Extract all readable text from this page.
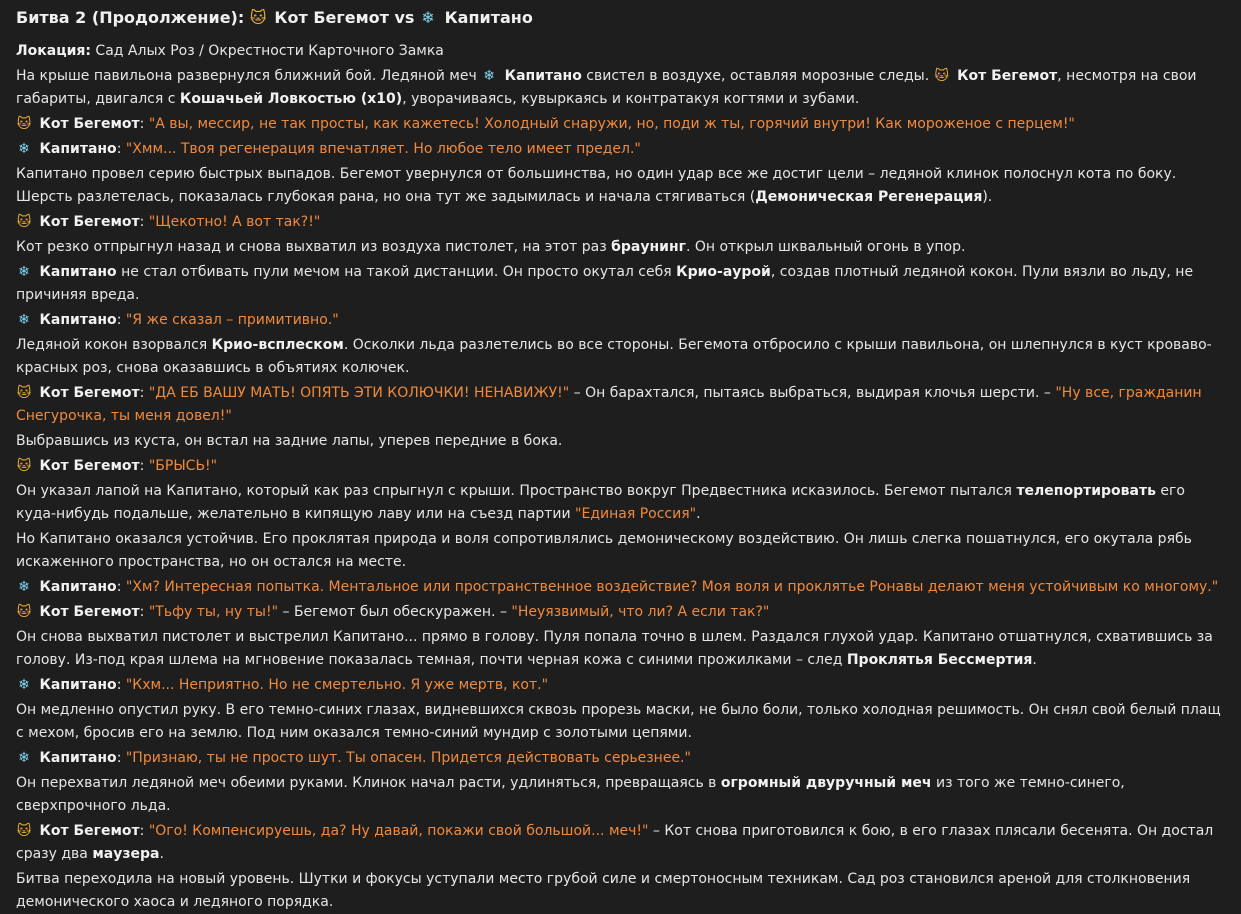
Битва 2 (Продолжение): 🐱 Кот Бегемот vs ❄ Капитано
Локация: Сад Алых Роз / Окрестности Карточного Замка
На крыше павильона развернулся ближний бой. Ледяной меч ❄ Капитано свистел в воздухе, оставляя морозные следы. 🐱 Кот Бегемот, несмотря на свои габариты, двигался с Кошачьей Ловкостью (x10), уворачиваясь, кувыркаясь и контратакуя когтями и зубами.
🐱 Кот Бегемот: "А вы, мессир, не так просты, как кажетесь! Холодный снаружи, но, поди ж ты, горячий внутри! Как мороженое с перцем!"
❄ Капитано: "Хмм... Твоя регенерация впечатляет. Но любое тело имеет предел."
Капитано провел серию быстрых выпадов. Бегемот увернулся от большинства, но один удар все же достиг цели – ледяной клинок полоснул кота по боку. Шерсть разлетелась, показалась глубокая рана, но она тут же задымилась и начала стягиваться (Демоническая Регенерация).
🐱 Кот Бегемот: "Щекотно! А вот так?!"
Кот резко отпрыгнул назад и снова выхватил из воздуха пистолет, на этот раз браунинг. Он открыл шквальный огонь в упор.
❄ Капитано не стал отбивать пули мечом на такой дистанции. Он просто окутал себя Крио-аурой, создав плотный ледяной кокон. Пули вязли во льду, не причиняя вреда.
❄ Капитано: "Я же сказал – примитивно."
Ледяной кокон взорвался Крио-всплеском. Осколки льда разлетелись во все стороны. Бегемота отбросило с крыши павильона, он шлепнулся в куст кроваво-красных роз, снова оказавшись в объятиях колючек.
🐱 Кот Бегемот: "ДА ЕБ ВАШУ МАТЬ! ОПЯТЬ ЭТИ КОЛЮЧКИ! НЕНАВИЖУ!" – Он барахтался, пытаясь выбраться, выдирая клочья шерсти. – "Ну все, гражданин Снегурочка, ты меня довел!"
Выбравшись из куста, он встал на задние лапы, уперев передние в бока.
🐱 Кот Бегемот: "БРЫСЬ!"
Он указал лапой на Капитано, который как раз спрыгнул с крыши. Пространство вокруг Предвестника исказилось. Бегемот пытался телепортировать его куда-нибудь подальше, желательно в кипящую лаву или на съезд партии "Единая Россия".
Но Капитано оказался устойчив. Его проклятая природа и воля сопротивлялись демоническому воздействию. Он лишь слегка пошатнулся, его окутала рябь искаженного пространства, но он остался на месте.
❄ Капитано: "Хм? Интересная попытка. Ментальное или пространственное воздействие? Моя воля и проклятье Ронавы делают меня устойчивым ко многому."
🐱 Кот Бегемот: "Тьфу ты, ну ты!" – Бегемот был обескуражен. – "Неуязвимый, что ли? А если так?"
Он снова выхватил пистолет и выстрелил Капитано... прямо в голову. Пуля попала точно в шлем. Раздался глухой удар. Капитано отшатнулся, схватившись за голову. Из-под края шлема на мгновение показалась темная, почти черная кожа с синими прожилками – след Проклятья Бессмертия.
❄ Капитано: "Кхм... Неприятно. Но не смертельно. Я уже мертв, кот."
Он медленно опустил руку. В его темно-синих глазах, видневшихся сквозь прорезь маски, не было боли, только холодная решимость. Он снял свой белый плащ с мехом, бросив его на землю. Под ним оказался темно-синий мундир с золотыми цепями.
❄ Капитано: "Признаю, ты не просто шут. Ты опасен. Придется действовать серьезнее."
Он перехватил ледяной меч обеими руками. Клинок начал расти, удлиняться, превращаясь в огромный двуручный меч из того же темно-синего, сверхпрочного льда.
🐱 Кот Бегемот: "Ого! Компенсируешь, да? Ну давай, покажи свой большой... меч!" – Кот снова приготовился к бою, в его глазах плясали бесенята. Он достал сразу два маузера.
Битва переходила на новый уровень. Шутки и фокусы уступали место грубой силе и смертоносным техникам. Сад роз становился ареной для столкновения демонического хаоса и ледяного порядка.
